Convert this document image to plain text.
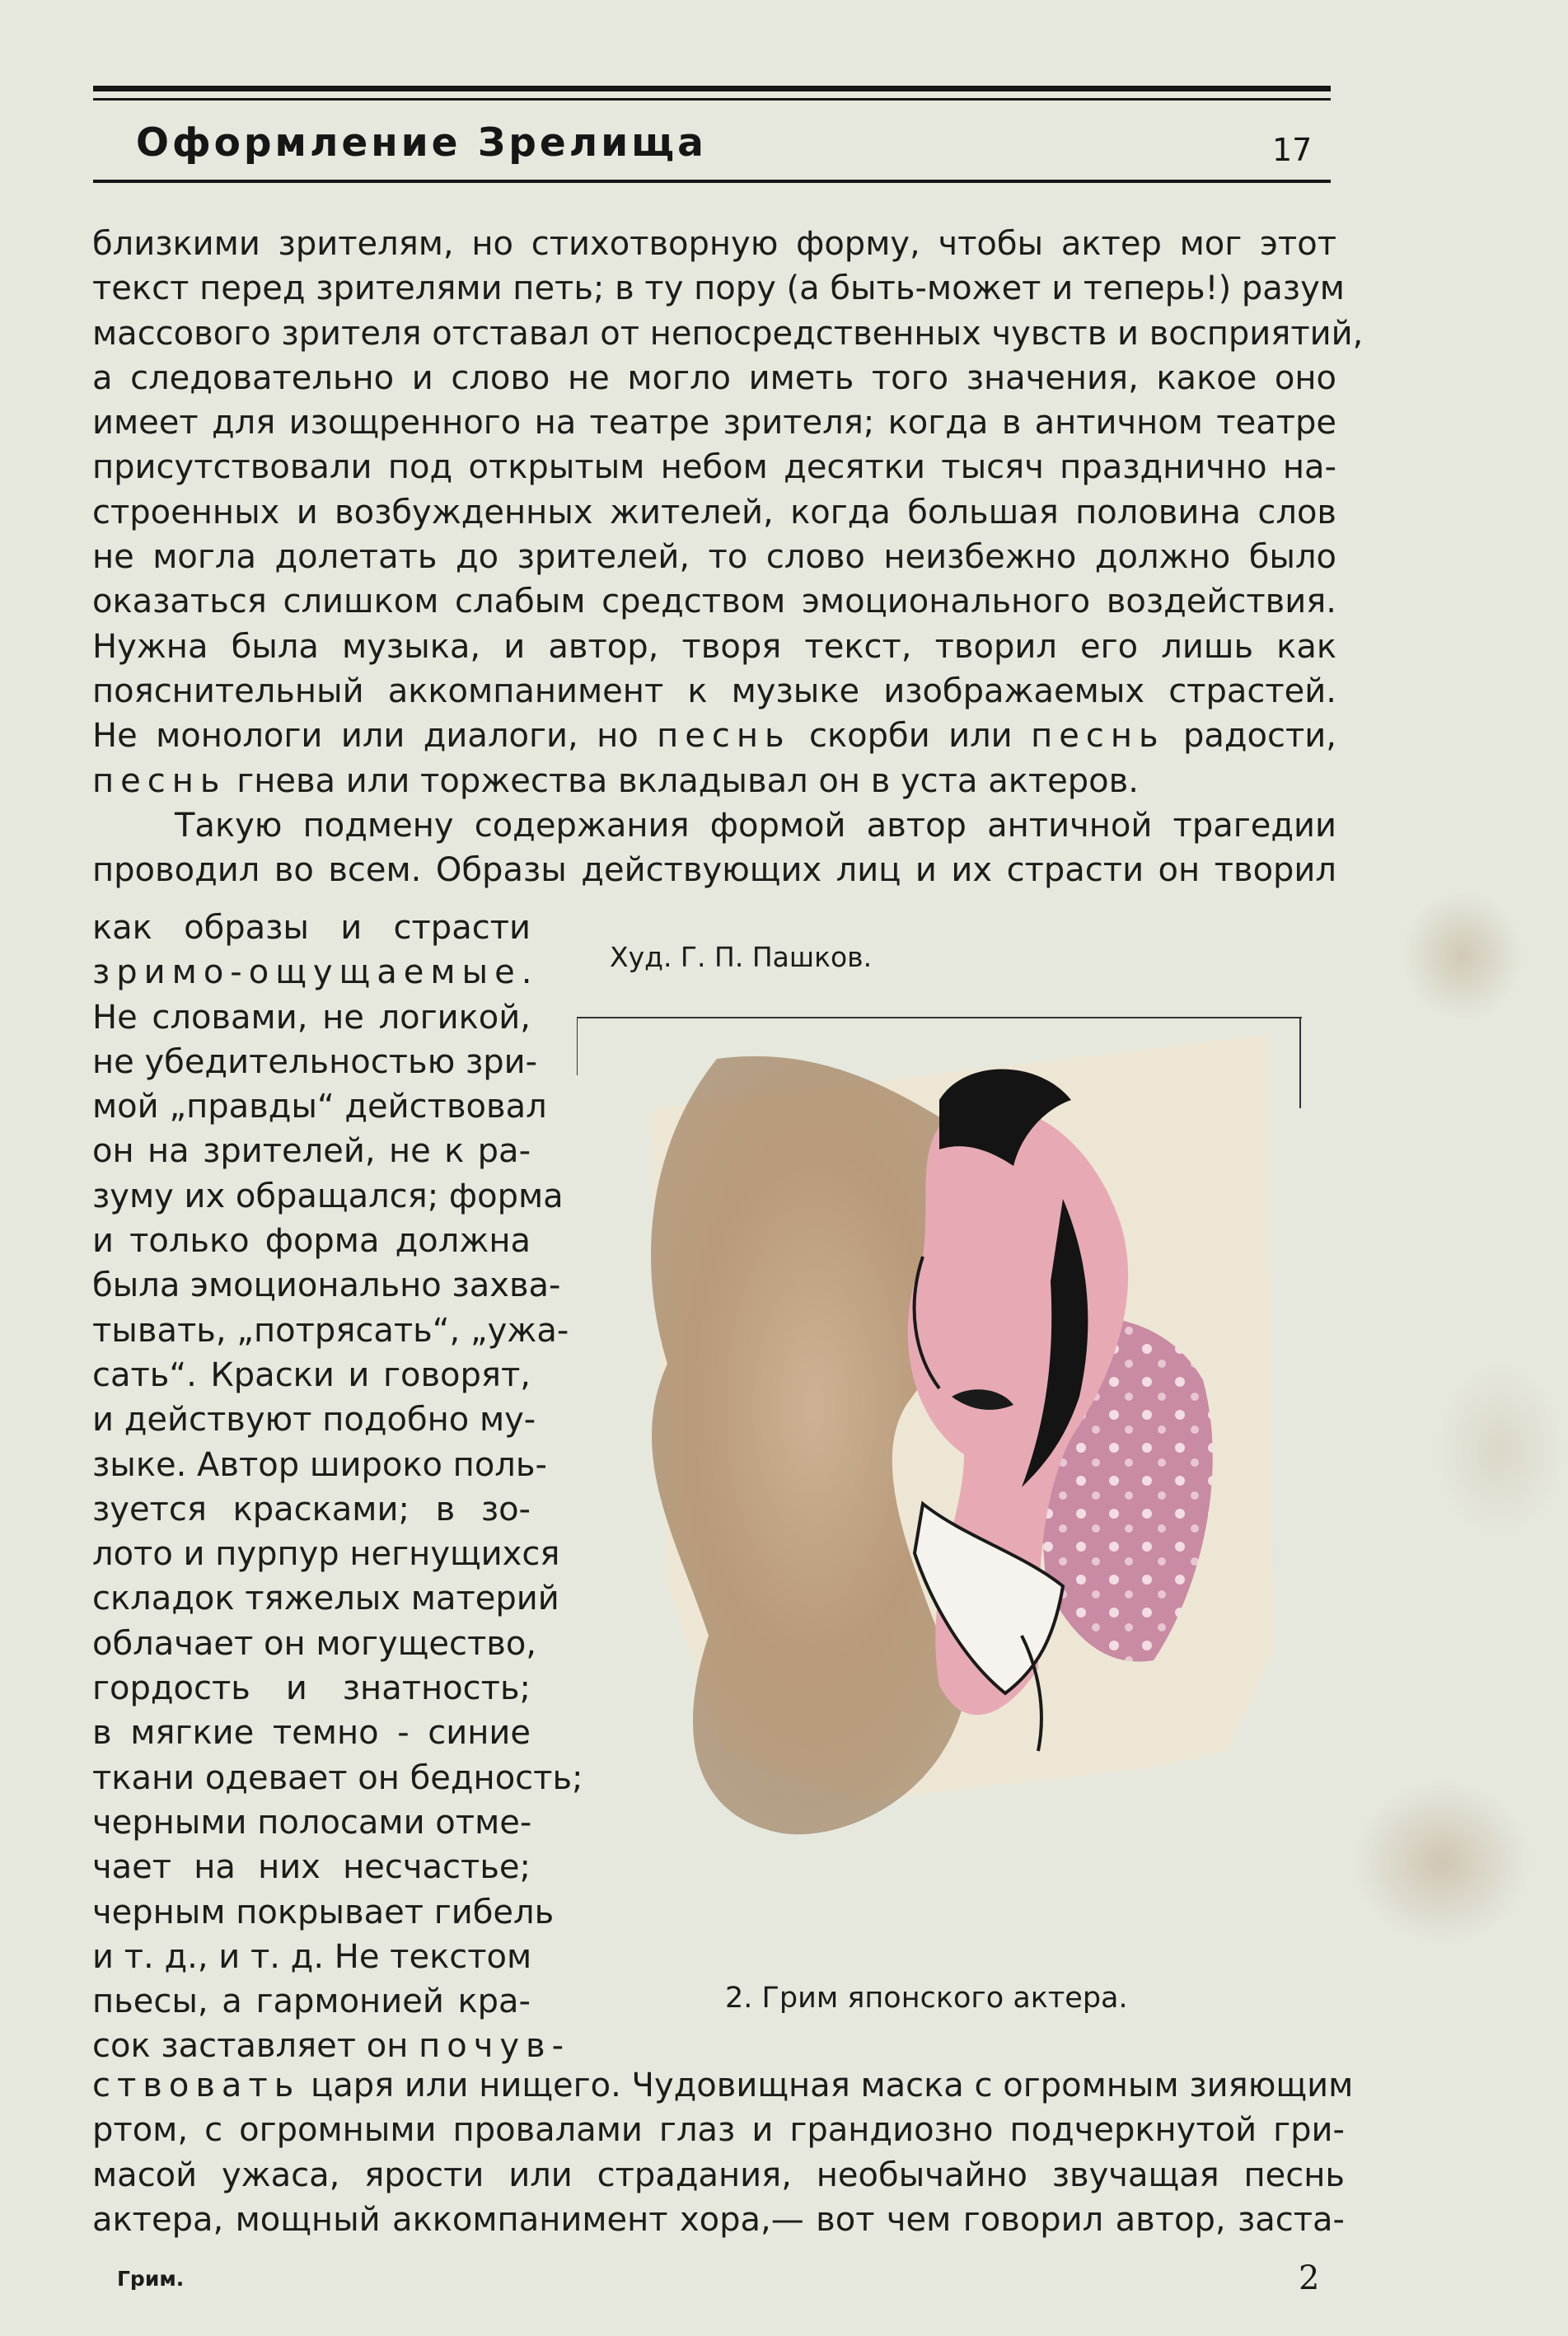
Оформление Зрелища	17
близкими зрителям, но стихотворную форму, чтобы актер мог этот
текст перед зрителями петь; в ту пору (а быть-может и теперь!) разум
массового зрителя отставал от непосредственных чувств и восприятий,
а следовательно и слово не могло иметь того значения, какое оно
имеет для изощренного на театре зрителя; когда в античном театре
присутствовали под открытым небом десятки тысяч празднично на-
строенных и возбужденных жителей, когда большая половина слов
не могла долетать до зрителей, то слово неизбежно должно было
оказаться слишком слабым средством эмоционального воздействия.
Нужна была музыка, и автор, творя текст, творил его лишь как
пояснительный аккомпанимент к музыке изображаемых страстей.
Не монологи или диалоги, но песнь скорби или песнь радости,
песнь гнева или торжества вкладывал он в уста актеров.
Такую подмену содержания формой автор античной трагедии
проводил во всем. Образы действующих лиц и их страсти он творил
как образы и страсти
зримо-ощущаемые.
Не словами, не логикой,
не убедительностью зри-
мой „правды“ действовал
он на зрителей, не к ра-
зуму их обращался; форма
и только форма должна
была эмоционально захва-
тывать, „потрясать“, „ужа-
сать“. Краски и говорят,
и действуют подобно му-
зыке. Автор широко поль-
зуется красками; в зо-
лото и пурпур негнущихся
складок тяжелых материй
облачает он могущество,
гордость и знатность;
в мягкие темно - синие
ткани одевает он бедность;
черными полосами отме-
чает на них несчастье;
черным покрывает гибель
и т. д., и т. д. Не текстом
пьесы, а гармонией кра-
сок заставляет он почув-
Худ. Г. П. Пашков.
2. Грим японского актера.
ствовать царя или нищего. Чудовищная маска с огромным зияющим
ртом, с огромными провалами глаз и грандиозно подчеркнутой гри-
масой ужаса, ярости или страдания, необычайно звучащая песнь
актера, мощный аккомпанимент хора,— вот чем говорил автор, заста-
Грим.	2
